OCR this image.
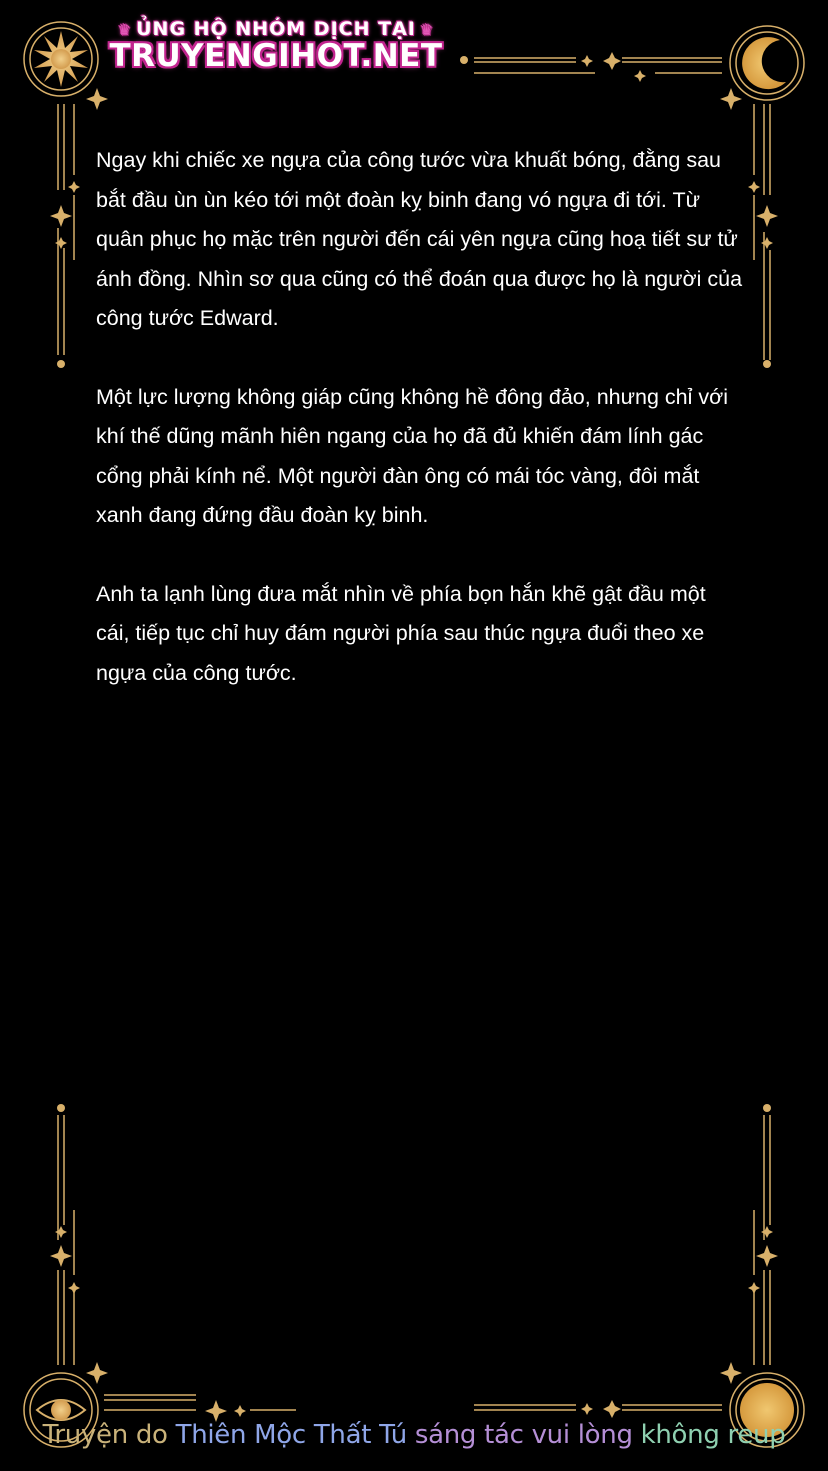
♛ ỦNG HỘ NHÓM DỊCH TẠI ♛
TRUYENGIHOT.NET

Ngay khi chiếc xe ngựa của công tước vừa khuất bóng, đằng sau bắt đầu ùn ùn kéo tới một đoàn kỵ binh đang vó ngựa đi tới. Từ quân phục họ mặc trên người đến cái yên ngựa cũng hoạ tiết sư tử ánh đồng. Nhìn sơ qua cũng có thể đoán qua được họ là người của công tước Edward.

Một lực lượng không giáp cũng không hề đông đảo, nhưng chỉ với khí thế dũng mãnh hiên ngang của họ đã đủ khiến đám lính gác cổng phải kính nể. Một người đàn ông có mái tóc vàng, đôi mắt xanh đang đứng đầu đoàn kỵ binh.

Anh ta lạnh lùng đưa mắt nhìn về phía bọn hắn khẽ gật đầu một cái, tiếp tục chỉ huy đám người phía sau thúc ngựa đuổi theo xe ngựa của công tước.

Truyện do Thiên Mộc Thất Tú sáng tác vui lòng không reup
